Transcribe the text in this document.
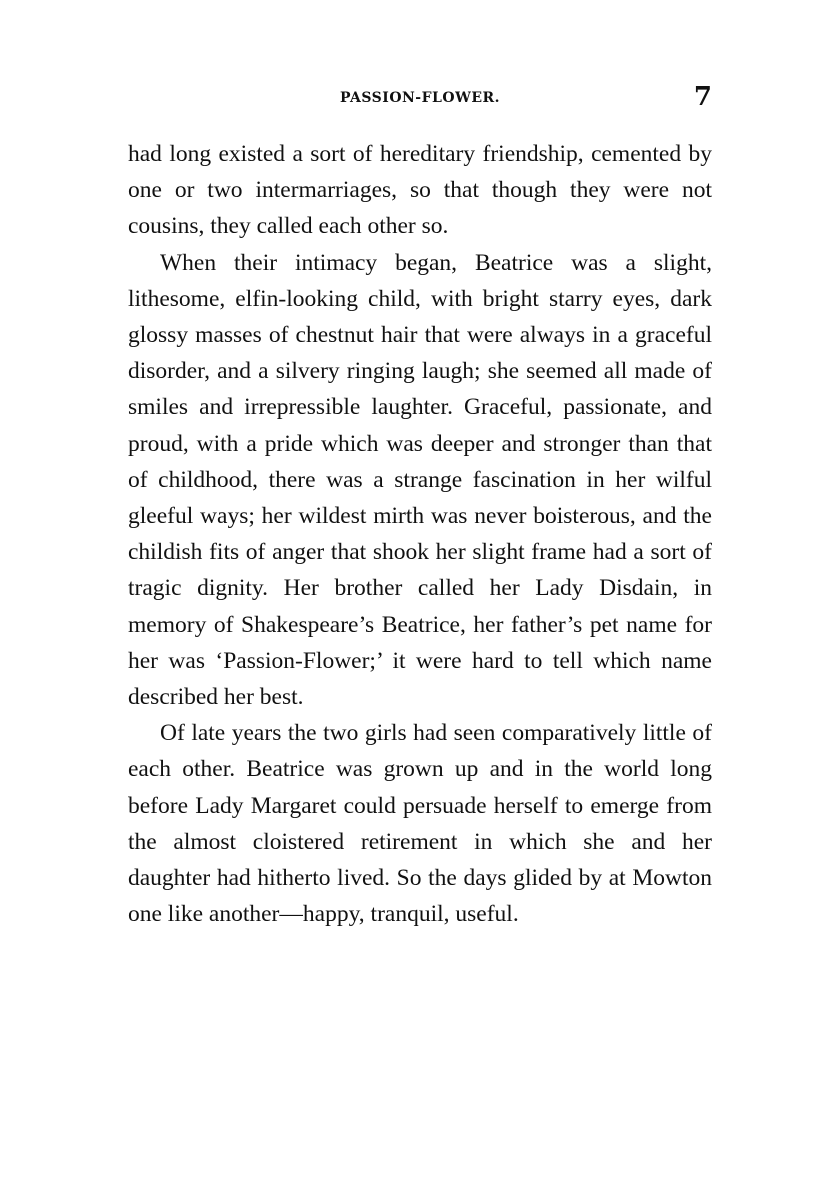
PASSION-FLOWER.	7

had long existed a sort of hereditary friendship, cemented by one or two intermarriages, so that though they were not cousins, they called each other so.

When their intimacy began, Beatrice was a slight, lithesome, elfin-looking child, with bright starry eyes, dark glossy masses of chestnut hair that were always in a graceful disorder, and a silvery ringing laugh; she seemed all made of smiles and irrepressible laughter. Graceful, passionate, and proud, with a pride which was deeper and stronger than that of childhood, there was a strange fascination in her wilful gleeful ways; her wildest mirth was never boisterous, and the childish fits of anger that shook her slight frame had a sort of tragic dignity. Her brother called her Lady Disdain, in memory of Shakespeare’s Beatrice, her father’s pet name for her was ‘Passion-Flower;’ it were hard to tell which name described her best.

Of late years the two girls had seen comparatively little of each other. Beatrice was grown up and in the world long before Lady Margaret could persuade herself to emerge from the almost cloistered retirement in which she and her daughter had hitherto lived. So the days glided by at Mowton one like another—happy, tranquil, useful.
